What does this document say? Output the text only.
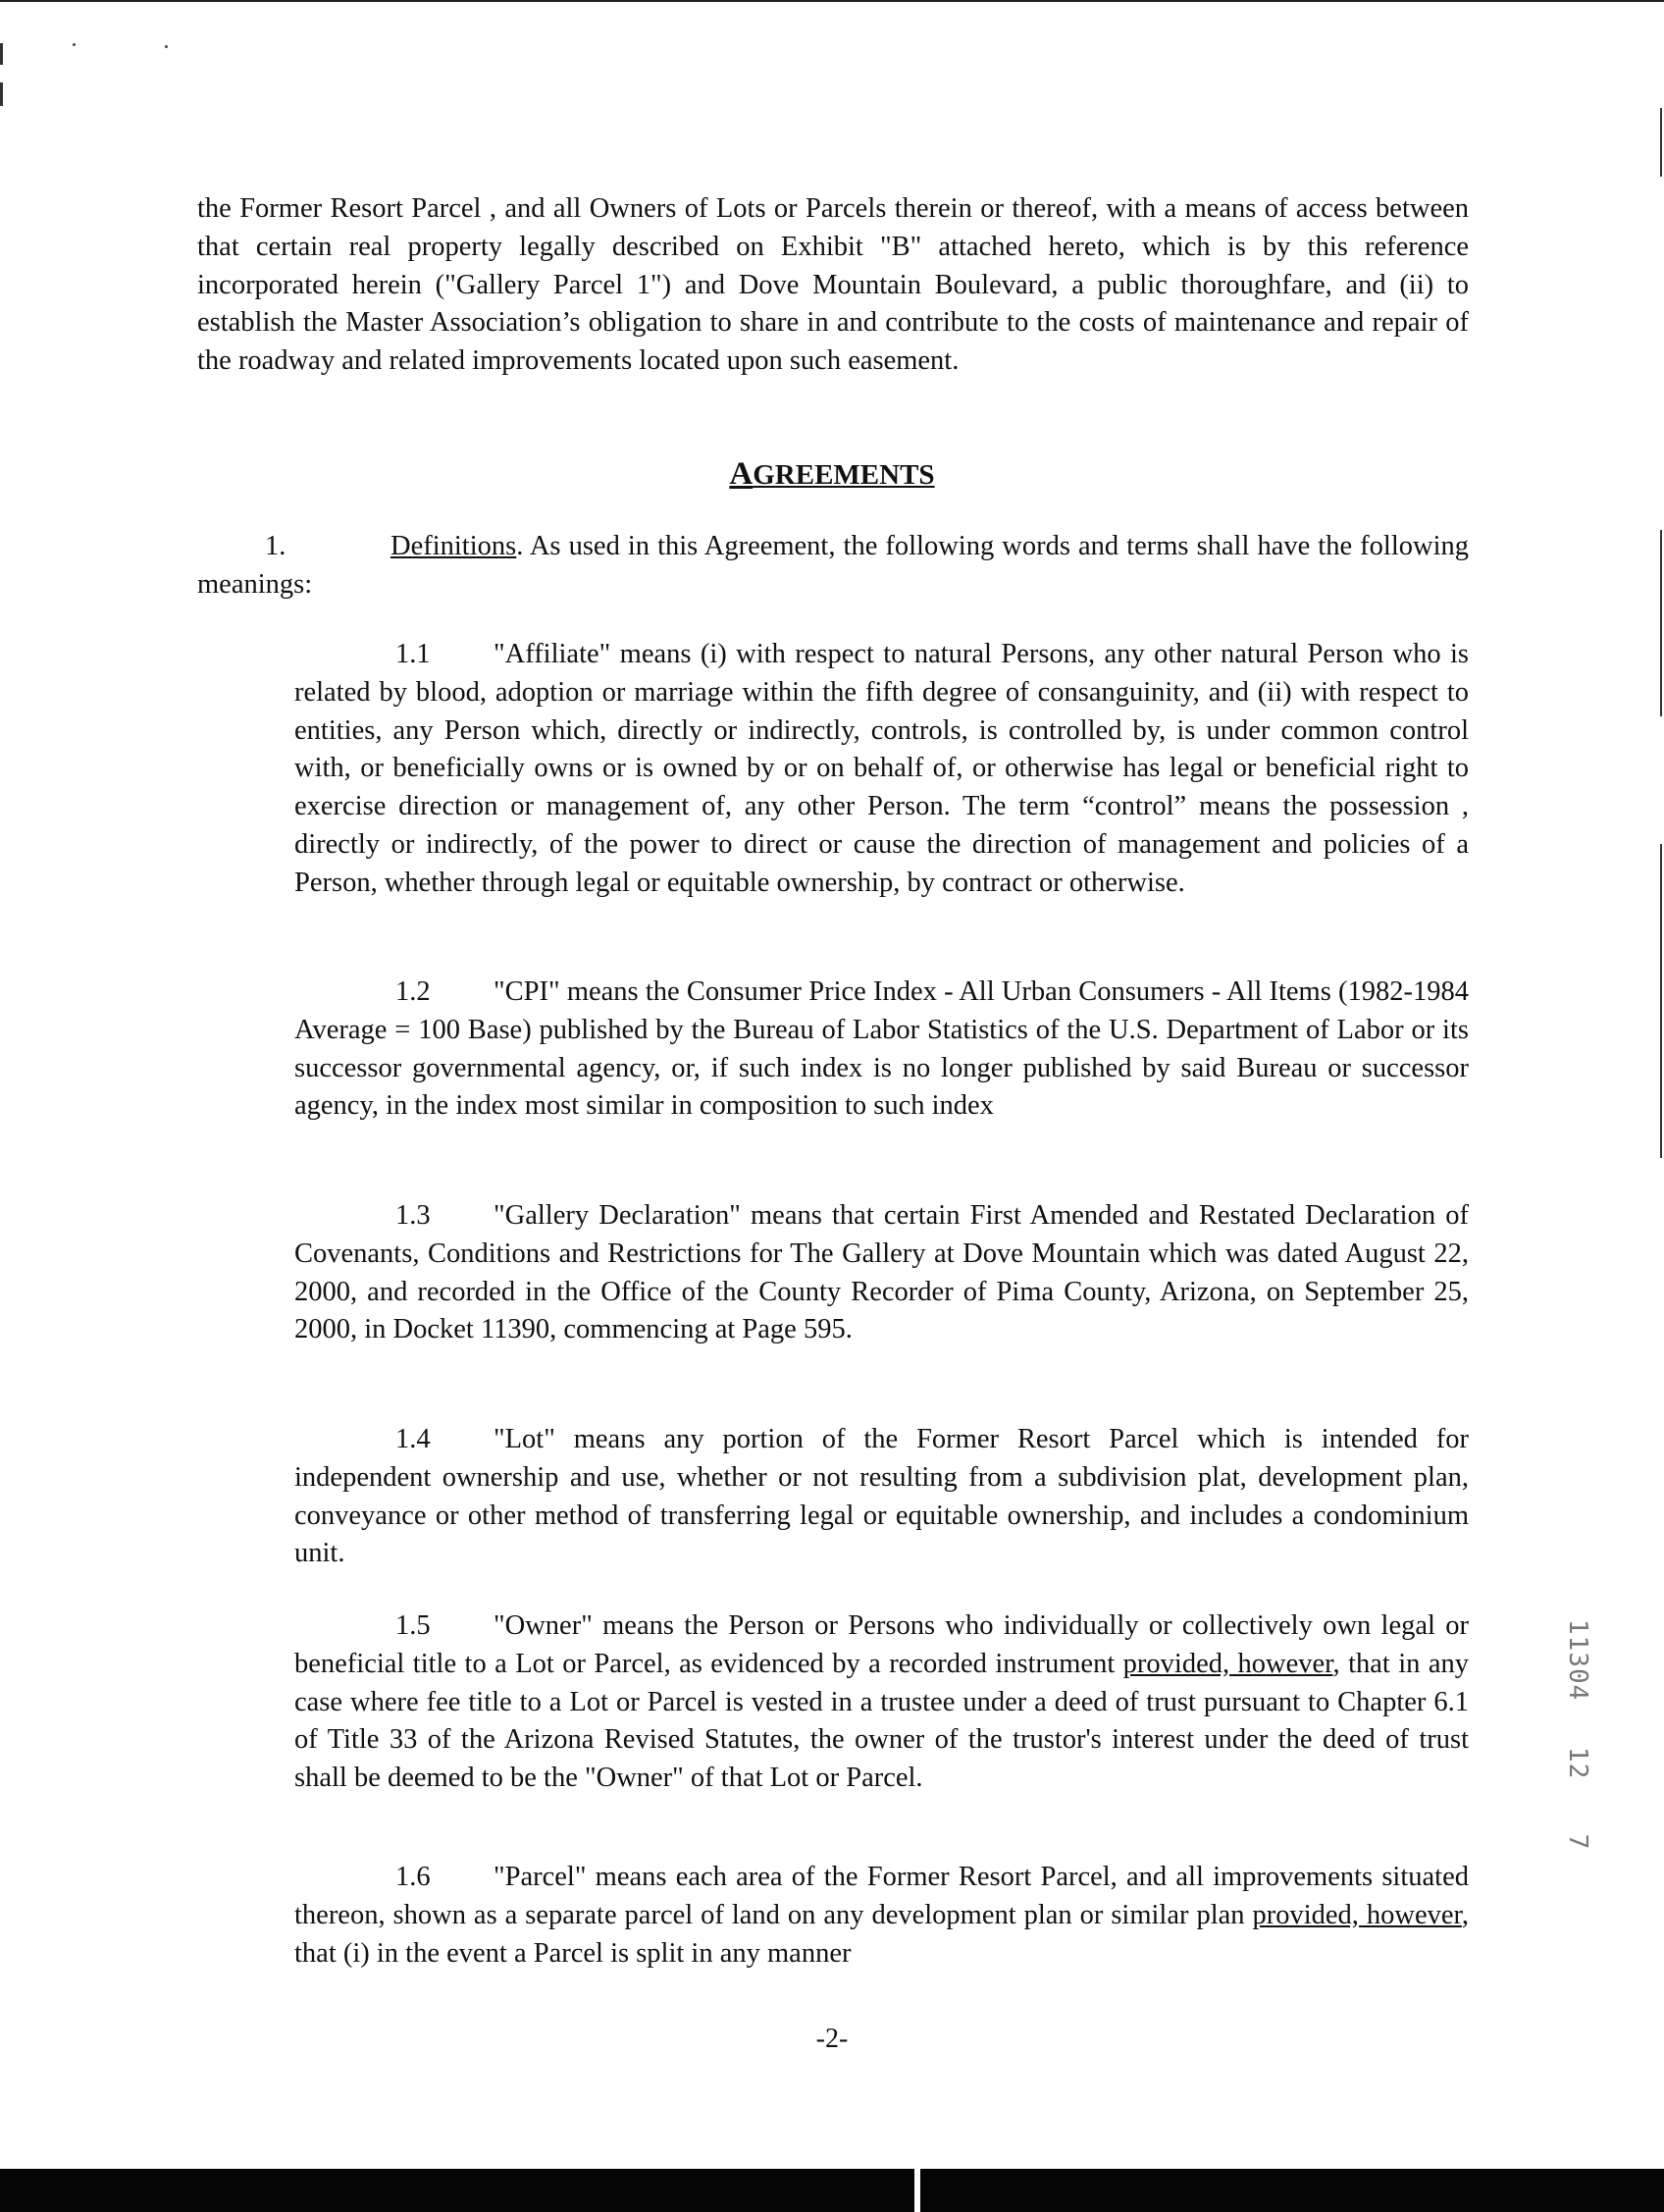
the Former Resort Parcel , and all Owners of Lots or Parcels therein or thereof, with a means of access between that certain real property legally described on Exhibit "B" attached hereto, which is by this reference incorporated herein ("Gallery Parcel 1") and Dove Mountain Boulevard, a public thoroughfare, and (ii) to establish the Master Association’s obligation to share in and contribute to the costs of maintenance and repair of the roadway and related improvements located upon such easement.

AGREEMENTS

1.	Definitions. As used in this Agreement, the following words and terms shall have the following meanings:

1.1 "Affiliate" means (i) with respect to natural Persons, any other natural Person who is related by blood, adoption or marriage within the fifth degree of consanguinity, and (ii) with respect to entities, any Person which, directly or indirectly, controls, is controlled by, is under common control with, or beneficially owns or is owned by or on behalf of, or otherwise has legal or beneficial right to exercise direction or management of, any other Person. The term “control” means the possession , directly or indirectly, of the power to direct or cause the direction of management and policies of a Person, whether through legal or equitable ownership, by contract or otherwise.

1.2 "CPI" means the Consumer Price Index - All Urban Consumers - All Items (1982-1984 Average = 100 Base) published by the Bureau of Labor Statistics of the U.S. Department of Labor or its successor governmental agency, or, if such index is no longer published by said Bureau or successor agency, in the index most similar in composition to such index

1.3 "Gallery Declaration" means that certain First Amended and Restated Declaration of Covenants, Conditions and Restrictions for The Gallery at Dove Mountain which was dated August 22, 2000, and recorded in the Office of the County Recorder of Pima County, Arizona, on September 25, 2000, in Docket 11390, commencing at Page 595.

1.4 "Lot" means any portion of the Former Resort Parcel which is intended for independent ownership and use, whether or not resulting from a subdivision plat, development plan, conveyance or other method of transferring legal or equitable ownership, and includes a condominium unit.

1.5 "Owner" means the Person or Persons who individually or collectively own legal or beneficial title to a Lot or Parcel, as evidenced by a recorded instrument provided, however, that in any case where fee title to a Lot or Parcel is vested in a trustee under a deed of trust pursuant to Chapter 6.1 of Title 33 of the Arizona Revised Statutes, the owner of the trustor's interest under the deed of trust shall be deemed to be the "Owner" of that Lot or Parcel.

1.6 "Parcel" means each area of the Former Resort Parcel, and all improvements situated thereon, shown as a separate parcel of land on any development plan or similar plan provided, however, that (i) in the event a Parcel is split in any manner

-2-

11304
12
7
